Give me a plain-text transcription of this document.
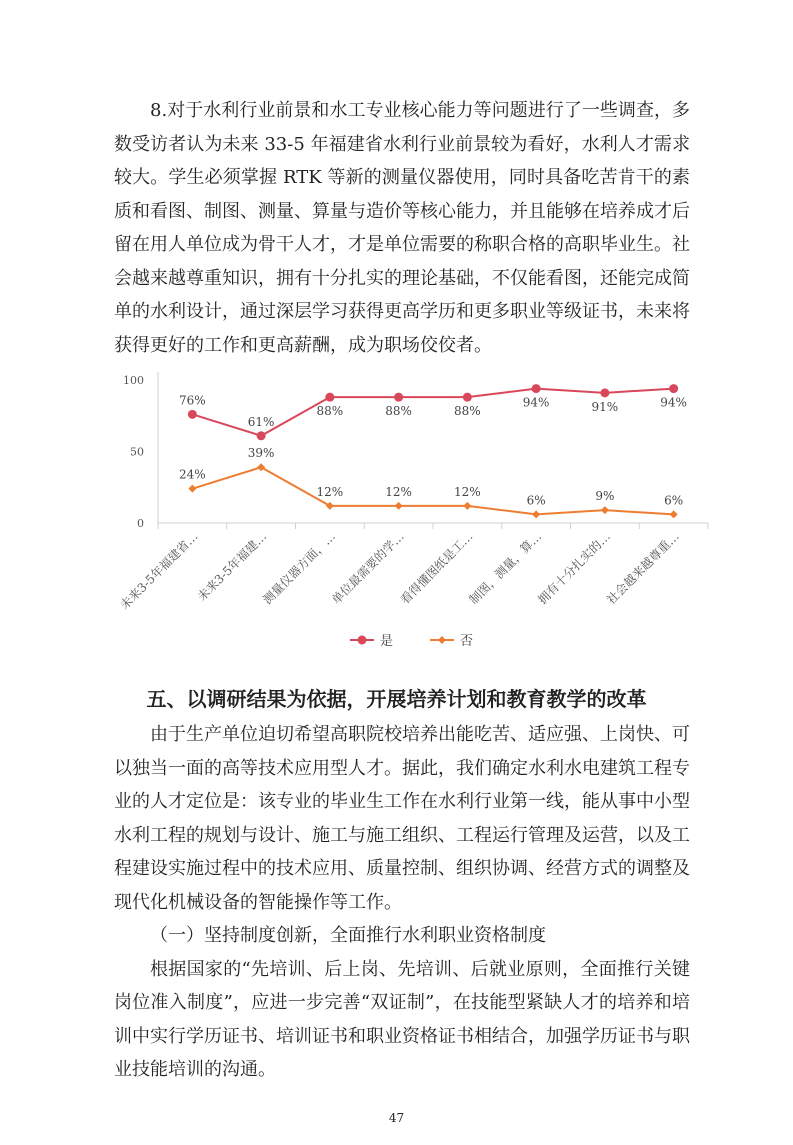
8.对于水利行业前景和水工专业核心能力等问题进行了一些调查，多数受访者认为未来 33-5 年福建省水利行业前景较为看好，水利人才需求较大。学生必须掌握 RTK 等新的测量仪器使用，同时具备吃苦肯干的素质和看图、制图、测量、算量与造价等核心能力，并且能够在培养成才后留在用人单位成为骨干人才，才是单位需要的称职合格的高职毕业生。社会越来越尊重知识，拥有十分扎实的理论基础，不仅能看图，还能完成简单的水利设计，通过深层学习获得更高学历和更多职业等级证书，未来将获得更好的工作和更高薪酬，成为职场佼佼者。

0
50
100
未来3-5年福建省…
未来3-5年福建…
测量仪器方面，…
单位最需要的学…
看得懂图纸是工…
制图，测量，算…
拥有十分扎实的…
社会越来越尊重…
76%
61%
88%	88%	88%
94%	91%	94%
24%
39%
12%	12%	12%
6%	9%	6%
是	否
五、以调研结果为依据，开展培养计划和教育教学的改革

由于生产单位迫切希望高职院校培养出能吃苦、适应强、上岗快、可以独当一面的高等技术应用型人才。据此，我们确定水利水电建筑工程专业的人才定位是：该专业的毕业生工作在水利行业第一线，能从事中小型水利工程的规划与设计、施工与施工组织、工程运行管理及运营，以及工程建设实施过程中的技术应用、质量控制、组织协调、经营方式的调整及现代化机械设备的智能操作等工作。

（一）坚持制度创新，全面推行水利职业资格制度

根据国家的“先培训、后上岗、先培训、后就业原则，全面推行关键岗位准入制度”，应进一步完善“双证制”，在技能型紧缺人才的培养和培训中实行学历证书、培训证书和职业资格证书相结合，加强学历证书与职业技能培训的沟通。

47
